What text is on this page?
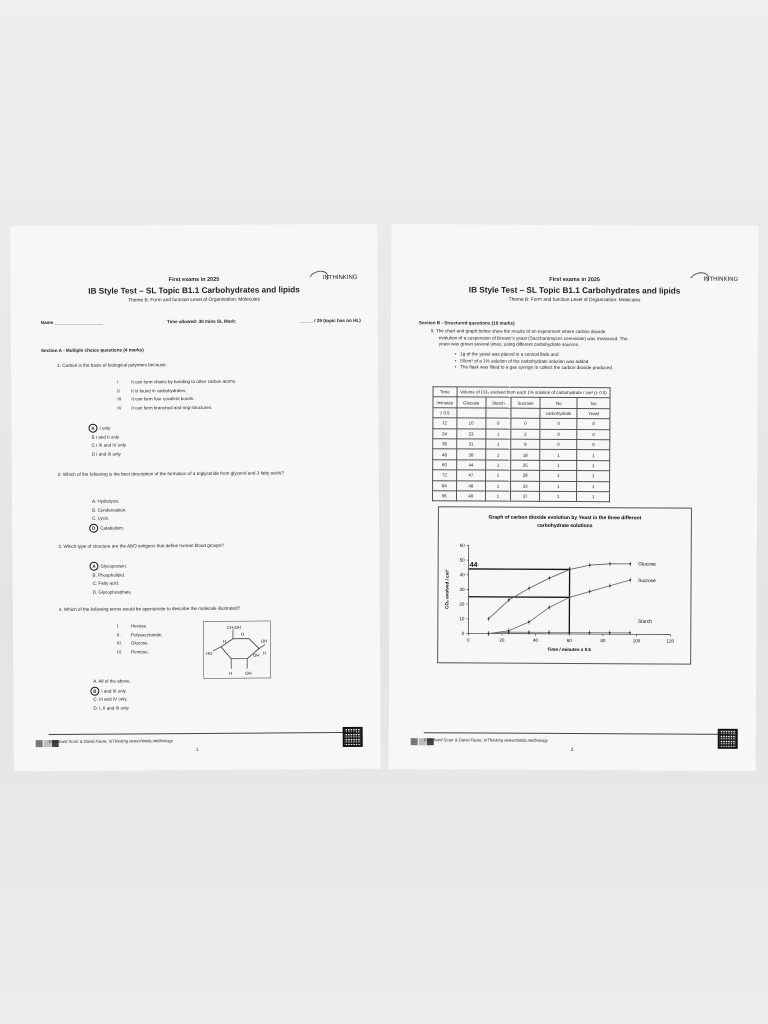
INTHINKING
First exams in 2025
IB Style Test – SL Topic B1.1 Carbohydrates and lipids
Theme B: Form and function Level of Organisation: Molecules
Name ___________________	Time allowed: 30 mins SL Mark:	_____ / 29 (topic has no HL)
Section A - Multiple choice questions (4 marks)
1. Carbon is the basis of biological polymers because:
I	It can form chains by bonding to other carbon atoms.
II	It is found in carbohydrates.
III It can form four covalent bonds.
IV It can form branched and ring structures.
A I only
B I and II only
C I III and IV only
D I and III only
2. Which of the following is the best description of the formation of a triglyceride from glycerol and 3 fatty acids?
A. Hydrolysis.
B. Condensation.
C. Lysis.
D Catabolism.
3. Which type of structure are the ABO antigens that define human blood groups?
A Glycoprotein.
B. Phospholipid.
C. Fatty acid.
D. Glycophosphate.
4. Which of the following terms would be appropriate to describe the molecule illustrated?
I.	Hexose.
II. Polysaccharide.
III. Glucose.
IV. Pentose.
CH₂OH
O
OH
HO
H	OH
H
OH H
A. All of the above.
B I and III only.
C. III and IV only.
D. I, II and III only.
© Richard Scarr & David Faure, InThinking www.thinkib.net/biology
1
INTHINKING
First exams in 2025
IB Style Test – SL Topic B1.1 Carbohydrates and lipids
Theme B: Form and function Level of Organisation: Molecules
Section B - Structured questions (19 marks)
5. The chart and graph below show the results of an experiment where carbon dioxide
evolution of a suspension of Brewer's yeast (Saccharomyces cerevisiae) was measured. The
yeast was grown several times, using different carbohydrate sources.
•   1g of the yeast was placed in a conical flask and
•   50cm³ of a 1% solution of the carbohydrate solution was added
•   The flask was fitted to a gas syringe to collect the carbon dioxide produced.
Time	Volume of CO₂ evolved from each 1% solution of carbohydrate / cm³ (± 0.5)				
/minutes	Glucose	Starch	Sucrose	No	No
± 0.5				carbohydrate	Yeast
12	10	0	0	0	0
24	23	1	2	0	0
36	31	1	8	0	0
48	38	1	18	1	1
60	44	1	25	1	1
72	47	1	29	1	1
84	48	1	33	1	1
96	48	1	37	1	1
Graph of carbon dioxide evolution by Yeast in the three different
carbohydrate solutions
0	20	40	60	80	100	120
0
10
20
30
40
50
60
Time / minutes ± 0.5
CO₂ evolved / cm³
44	Glucose
Sucrose
Starch
© Richard Scarr & David Faure, InThinking www.thinkib.net/biology
2
